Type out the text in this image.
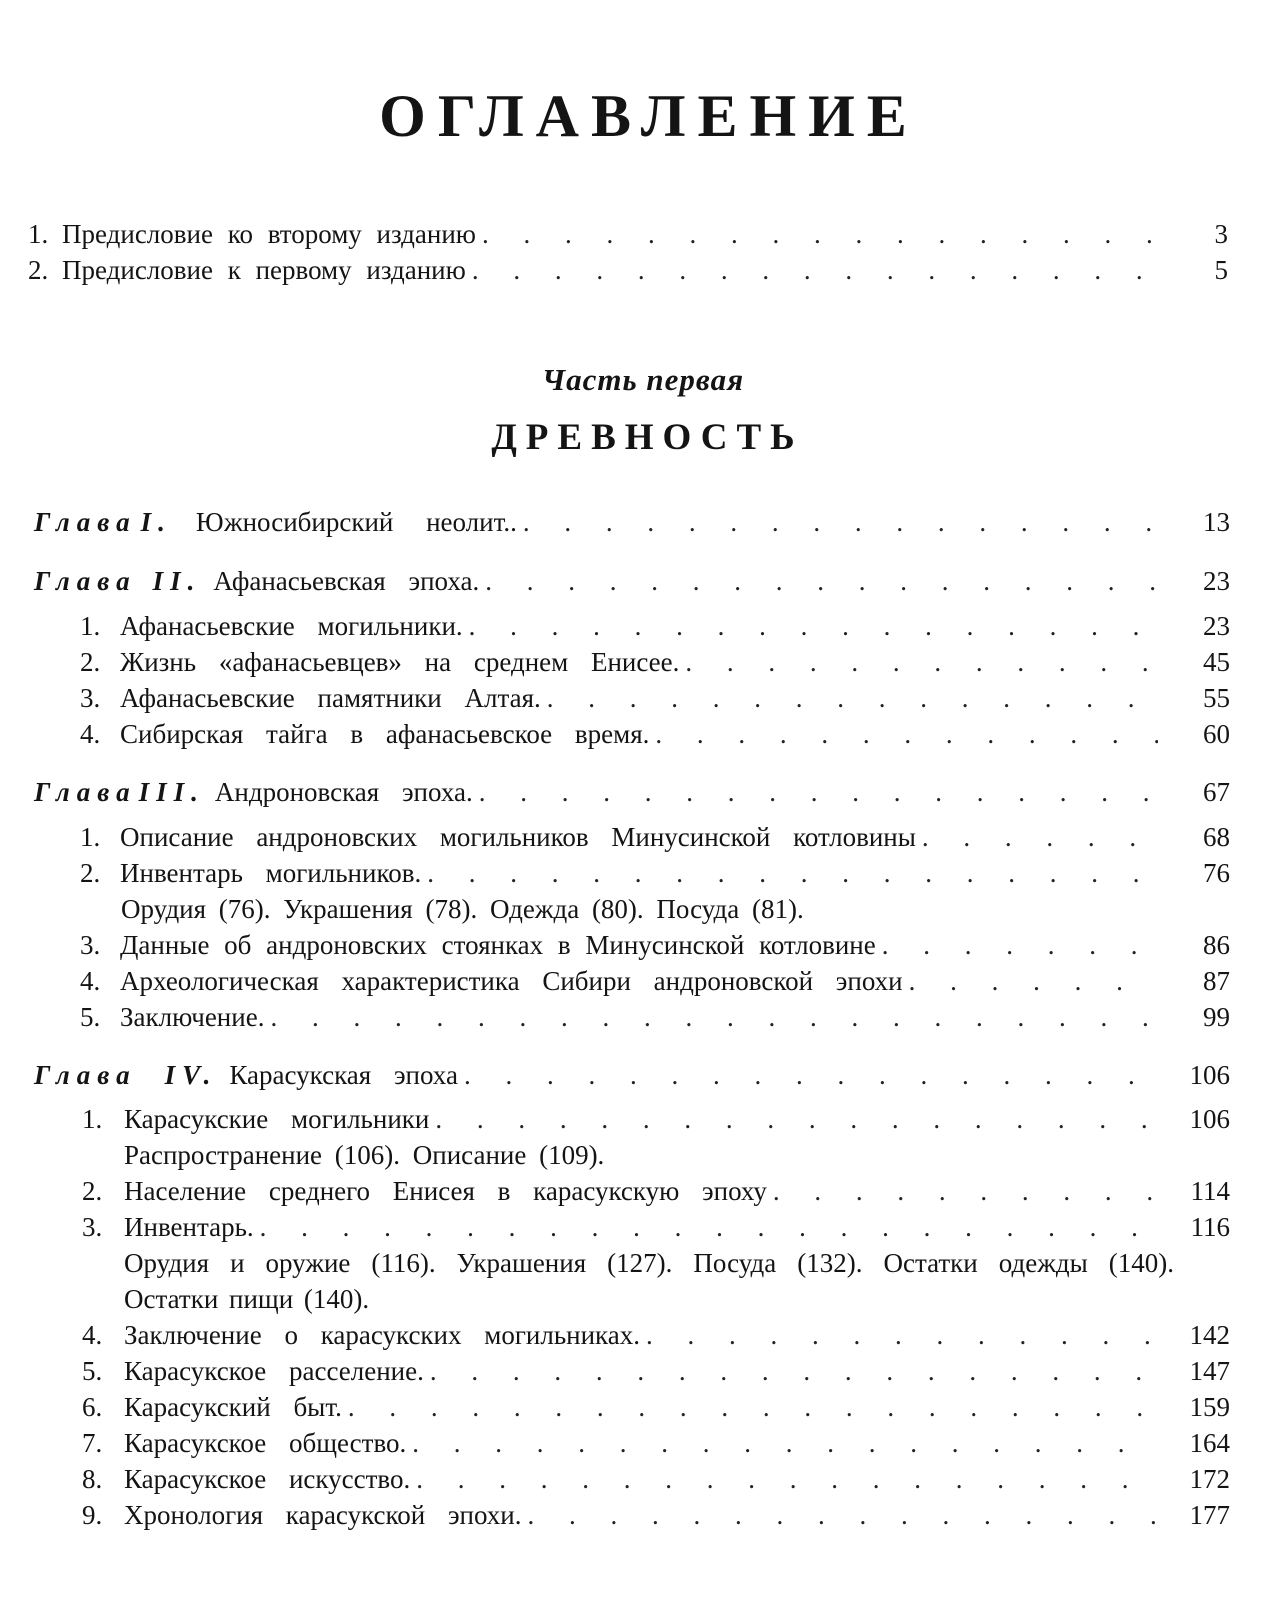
ОГЛАВЛЕНИЕ
1. Предисловие ко второму изданию . . .	3
2. Предисловие к первому изданию . . .	5
Часть первая
ДРЕВНОСТЬ
Глава I. Южносибирский неолит.. . . .	13
Глава II. Афанасьевская эпоха. . . .	23
1. Афанасьевские могильники. . . .	23
2. Жизнь «афанасьевцев» на среднем Енисее. . . .	45
3. Афанасьевские памятники Алтая. . . .	55
4. Сибирская тайга в афанасьевское время. . . .	60
Глава III. Андроновская эпоха. . . .	67
1. Описание андроновских могильников Минусинской котловины . . .	68
2. Инвентарь могильников. . . .	76
Орудия (76). Украшения (78). Одежда (80). Посуда (81).
3. Данные об андроновских стоянках в Минусинской котловине . . .	86
4. Археологическая характеристика Сибири андроновской эпохи . . .	87
5. Заключение. . . .	99
Глава IV. Карасукская эпоха . . .	106
1. Карасукские могильники . . .	106
Распространение (106). Описание (109).
2. Население среднего Енисея в карасукскую эпоху . . .	114
3. Инвентарь. . . .	116
Орудия и оружие (116). Украшения (127). Посуда (132). Остатки одежды (140). Остатки пищи (140).
4. Заключение о карасукских могильниках. . . .	142
5. Карасукское расселение. . . .	147
6. Карасукский быт. . . .	159
7. Карасукское общество. . . .	164
8. Карасукское искусство. . . .	172
9. Хронология карасукской эпохи. . . .	177
